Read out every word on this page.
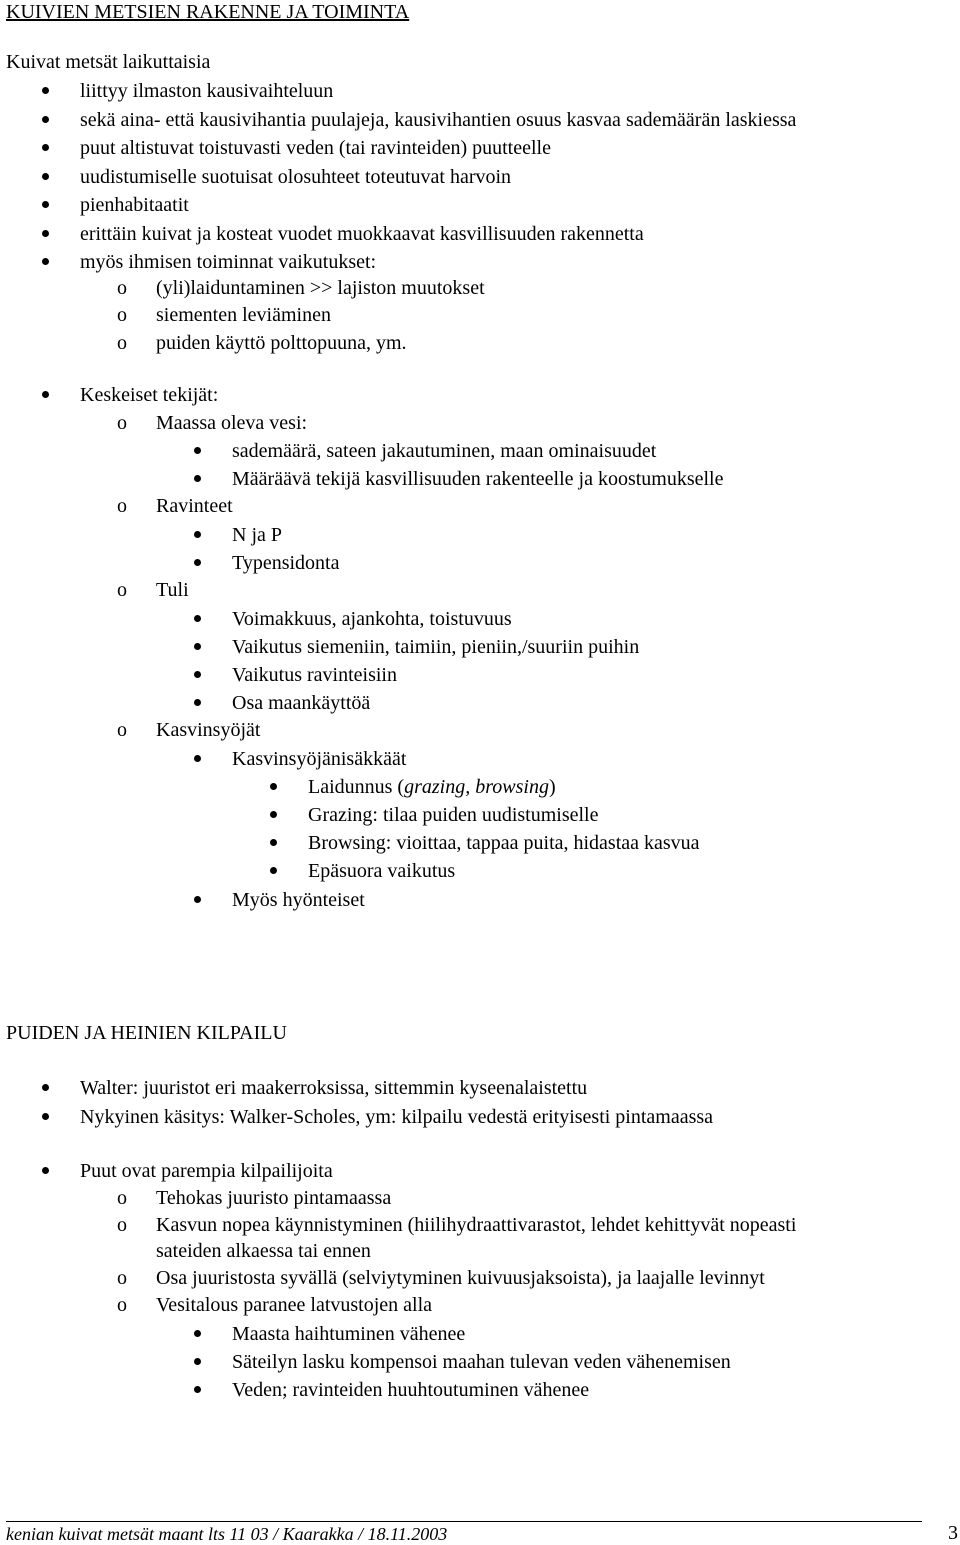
KUIVIEN METSIEN RAKENNE JA TOIMINTA
Kuivat metsät laikuttaisia
liittyy ilmaston kausivaihteluun
sekä aina- että kausivihantia puulajeja, kausivihantien osuus kasvaa sademäärän laskiessa
puut altistuvat toistuvasti veden (tai ravinteiden) puutteelle
uudistumiselle suotuisat olosuhteet toteutuvat harvoin
pienhabitaatit
erittäin kuivat ja kosteat vuodet muokkaavat kasvillisuuden rakennetta
myös ihmisen toiminnat vaikutukset:
o (yli)laiduntaminen >> lajiston muutokset
o siementen leviäminen
o puiden käyttö polttopuuna, ym.
Keskeiset tekijät:
o Maassa oleva vesi:
sademäärä, sateen jakautuminen, maan ominaisuudet
Määräävä tekijä kasvillisuuden rakenteelle ja koostumukselle
o Ravinteet
N ja P
Typensidonta
o Tuli
Voimakkuus, ajankohta, toistuvuus
Vaikutus siemeniin, taimiin, pieniin,/suuriin puihin
Vaikutus ravinteisiin
Osa maankäyttöä
o Kasvinsyöjät
Kasvinsyöjänisäkkäät
Laidunnus (grazing, browsing)
Grazing: tilaa puiden uudistumiselle
Browsing: vioittaa, tappaa puita, hidastaa kasvua
Epäsuora vaikutus
Myös hyönteiset
PUIDEN JA HEINIEN KILPAILU
Walter: juuristot eri maakerroksissa, sittemmin kyseenalaistettu
Nykyinen käsitys: Walker-Scholes, ym: kilpailu vedestä erityisesti pintamaassa
Puut ovat parempia kilpailijoita
o Tehokas juuristo pintamaassa
o Kasvun nopea käynnistyminen (hiilihydraattivarastot, lehdet kehittyvät nopeasti
sateiden alkaessa tai ennen
o Osa juuristosta syvällä (selviytyminen kuivuusjaksoista), ja laajalle levinnyt
o Vesitalous paranee latvustojen alla
Maasta haihtuminen vähenee
Säteilyn lasku kompensoi maahan tulevan veden vähenemisen
Veden; ravinteiden huuhtoutuminen vähenee
kenian kuivat metsät maant lts 11 03 / Kaarakka / 18.11.2003	3
